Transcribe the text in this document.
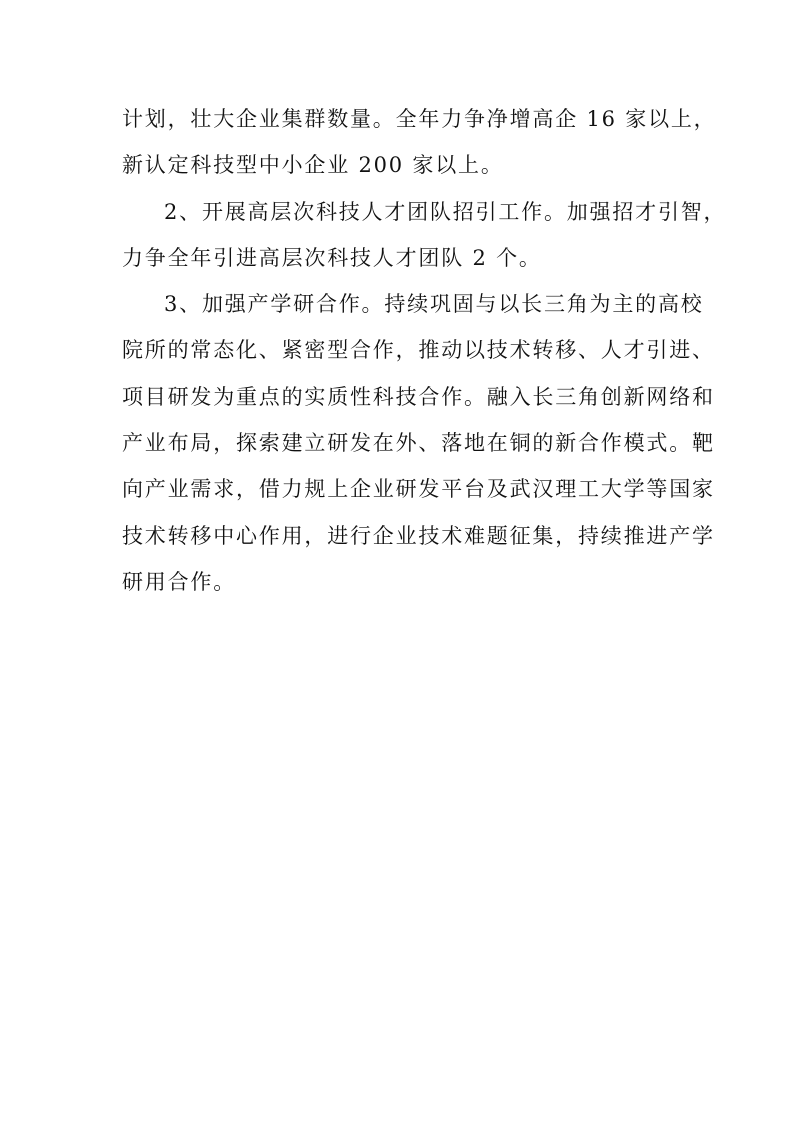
计划，壮大企业集群数量。全年力争净增高企 16 家以上，
新认定科技型中小企业 200 家以上。
2、开展高层次科技人才团队招引工作。加强招才引智，
力争全年引进高层次科技人才团队 2 个。
3、加强产学研合作。持续巩固与以长三角为主的高校
院所的常态化、紧密型合作，推动以技术转移、人才引进、
项目研发为重点的实质性科技合作。融入长三角创新网络和
产业布局，探索建立研发在外、落地在铜的新合作模式。靶
向产业需求，借力规上企业研发平台及武汉理工大学等国家
技术转移中心作用，进行企业技术难题征集，持续推进产学
研用合作。
